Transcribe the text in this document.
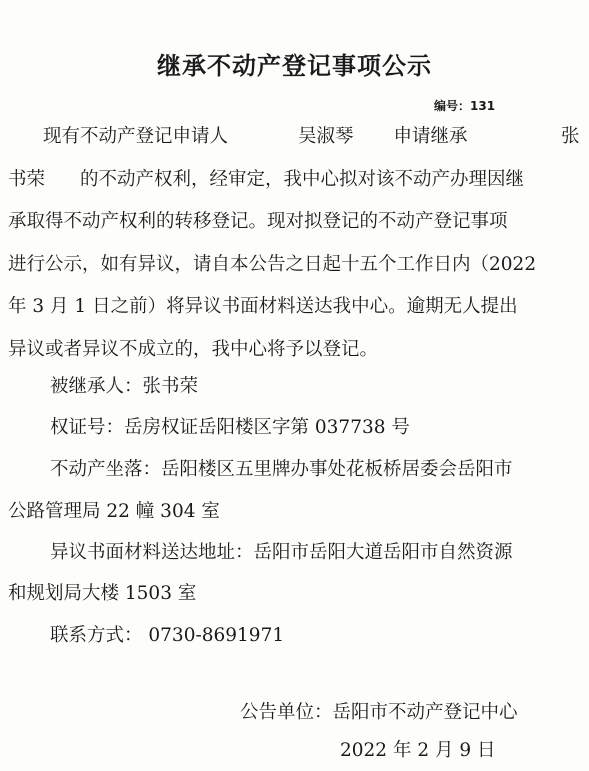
继承不动产登记事项公示
编号：131
现有不动产登记申请人	吴淑琴 申请继承	张
书荣 的不动产权利，经审定，我中心拟对该不动产办理因继
承取得不动产权利的转移登记。现对拟登记的不动产登记事项
进行公示，如有异议，请自本公告之日起十五个工作日内（2022
年 3 月 1 日之前）将异议书面材料送达我中心。逾期无人提出
异议或者异议不成立的，我中心将予以登记。
被继承人：张书荣
权证号：岳房权证岳阳楼区字第 037738 号
不动产坐落：岳阳楼区五里牌办事处花板桥居委会岳阳市
公路管理局 22 幢 304 室
异议书面材料送达地址：岳阳市岳阳大道岳阳市自然资源
和规划局大楼 1503 室
联系方式： 0730-8691971
公告单位：岳阳市不动产登记中心
2022 年 2 月 9 日
